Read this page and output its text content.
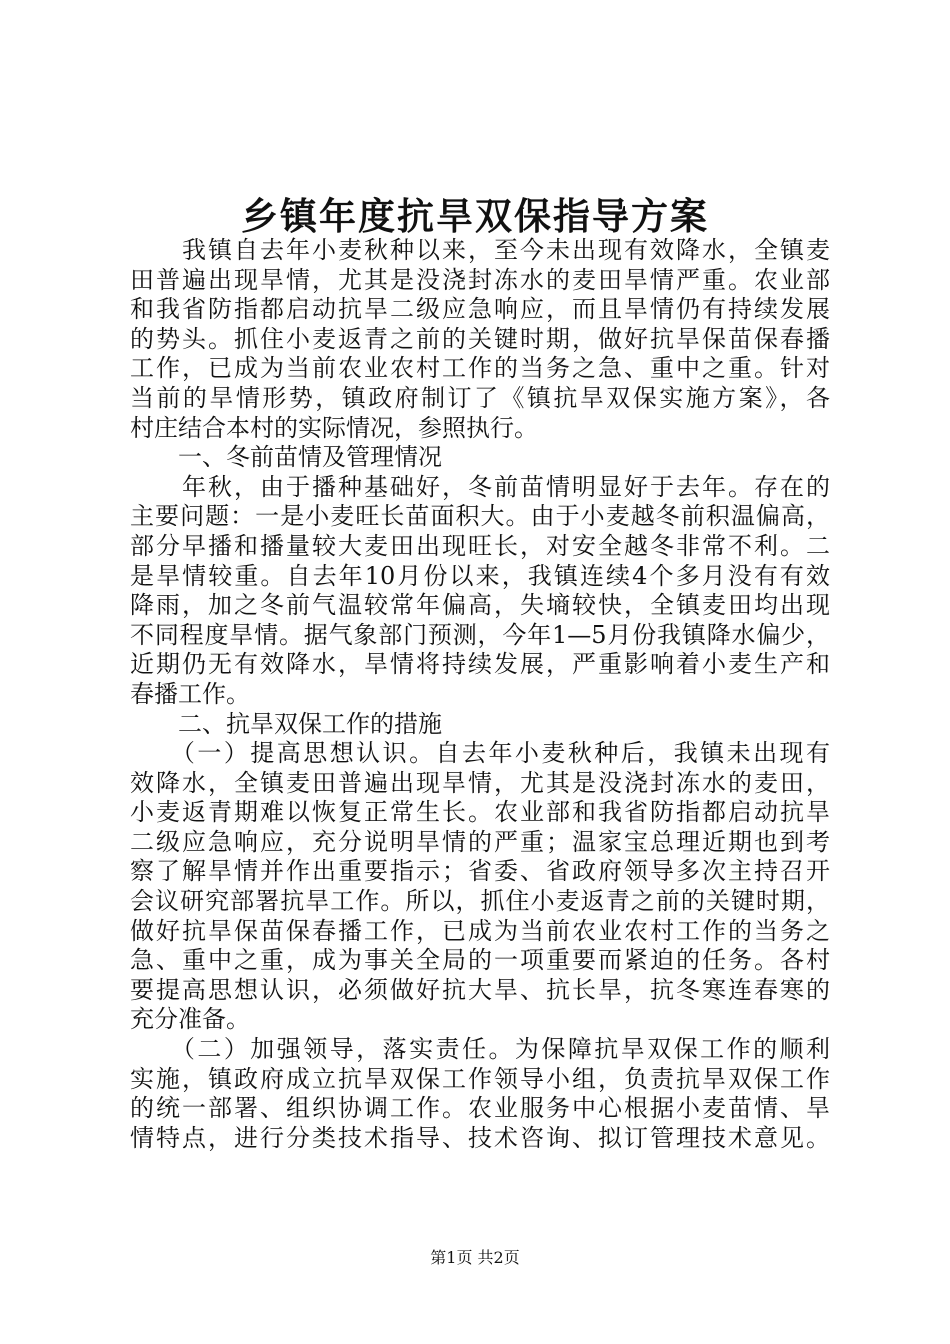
乡镇年度抗旱双保指导方案
　　我镇自去年小麦秋种以来，至今未出现有效降水，全镇麦
田普遍出现旱情，尤其是没浇封冻水的麦田旱情严重。农业部
和我省防指都启动抗旱二级应急响应，而且旱情仍有持续发展
的势头。抓住小麦返青之前的关键时期，做好抗旱保苗保春播
工作，已成为当前农业农村工作的当务之急、重中之重。针对
当前的旱情形势，镇政府制订了《镇抗旱双保实施方案》，各
村庄结合本村的实际情况，参照执行。
　　一、冬前苗情及管理情况
　　年秋，由于播种基础好，冬前苗情明显好于去年。存在的
主要问题：一是小麦旺长苗面积大。由于小麦越冬前积温偏高，
部分早播和播量较大麦田出现旺长，对安全越冬非常不利。二
是旱情较重。自去年10月份以来，我镇连续4个多月没有有效
降雨，加之冬前气温较常年偏高，失墒较快，全镇麦田均出现
不同程度旱情。据气象部门预测，今年1—5月份我镇降水偏少，
近期仍无有效降水，旱情将持续发展，严重影响着小麦生产和
春播工作。
　　二、抗旱双保工作的措施
　　（一）提高思想认识。自去年小麦秋种后，我镇未出现有
效降水，全镇麦田普遍出现旱情，尤其是没浇封冻水的麦田，
小麦返青期难以恢复正常生长。农业部和我省防指都启动抗旱
二级应急响应，充分说明旱情的严重；温家宝总理近期也到考
察了解旱情并作出重要指示；省委、省政府领导多次主持召开
会议研究部署抗旱工作。所以，抓住小麦返青之前的关键时期，
做好抗旱保苗保春播工作，已成为当前农业农村工作的当务之
急、重中之重，成为事关全局的一项重要而紧迫的任务。各村
要提高思想认识，必须做好抗大旱、抗长旱，抗冬寒连春寒的
充分准备。
　　（二）加强领导，落实责任。为保障抗旱双保工作的顺利
实施，镇政府成立抗旱双保工作领导小组，负责抗旱双保工作
的统一部署、组织协调工作。农业服务中心根据小麦苗情、旱
情特点，进行分类技术指导、技术咨询、拟订管理技术意见。
第1页 共2页
